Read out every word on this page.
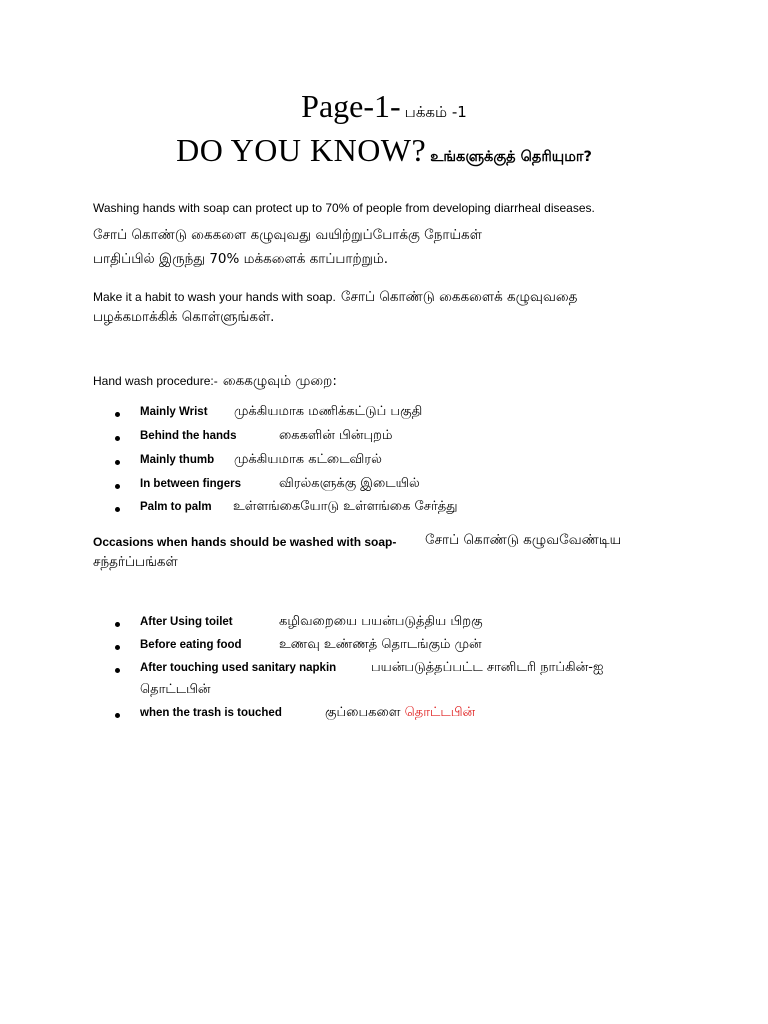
Page-1- பக்கம் -1
DO YOU KNOW? உங்களுக்குத் தெரியுமா?
Washing hands with soap can protect up to 70% of people from developing diarrheal diseases.
சோப் கொண்டு கைகளை கழுவுவது வயிற்றுப்போக்கு நோய்கள்
பாதிப்பில் இருந்து 70% மக்களைக் காப்பாற்றும்.
Make it a habit to wash your hands with soap. சோப் கொண்டு கைகளைக் கழுவுவதை
பழக்கமாக்கிக் கொள்ளுங்கள்.
Hand wash procedure:- கைகழுவும் முறை:
Mainly Wrist முக்கியமாக மணிக்கட்டுப் பகுதி
Behind the hands	கைகளின் பின்புறம்
Mainly thumb முக்கியமாக கட்டைவிரல்
In between fingers	விரல்களுக்கு இடையில்
Palm to palm உள்ளங்கையோடு உள்ளங்கை சேர்த்து
Occasions when hands should be washed with soap- சோப் கொண்டு கழுவவேண்டிய
சந்தர்ப்பங்கள்
After Using toilet	கழிவறையை பயன்படுத்திய பிறகு
Before eating food	உணவு உண்ணத் தொடங்கும் முன்
After touching used sanitary napkin	பயன்படுத்தப்பட்ட சானிடரி நாப்கின்-ஐ
தொட்டபின்
when the trash is touched	குப்பைகளை தொட்டபின்
